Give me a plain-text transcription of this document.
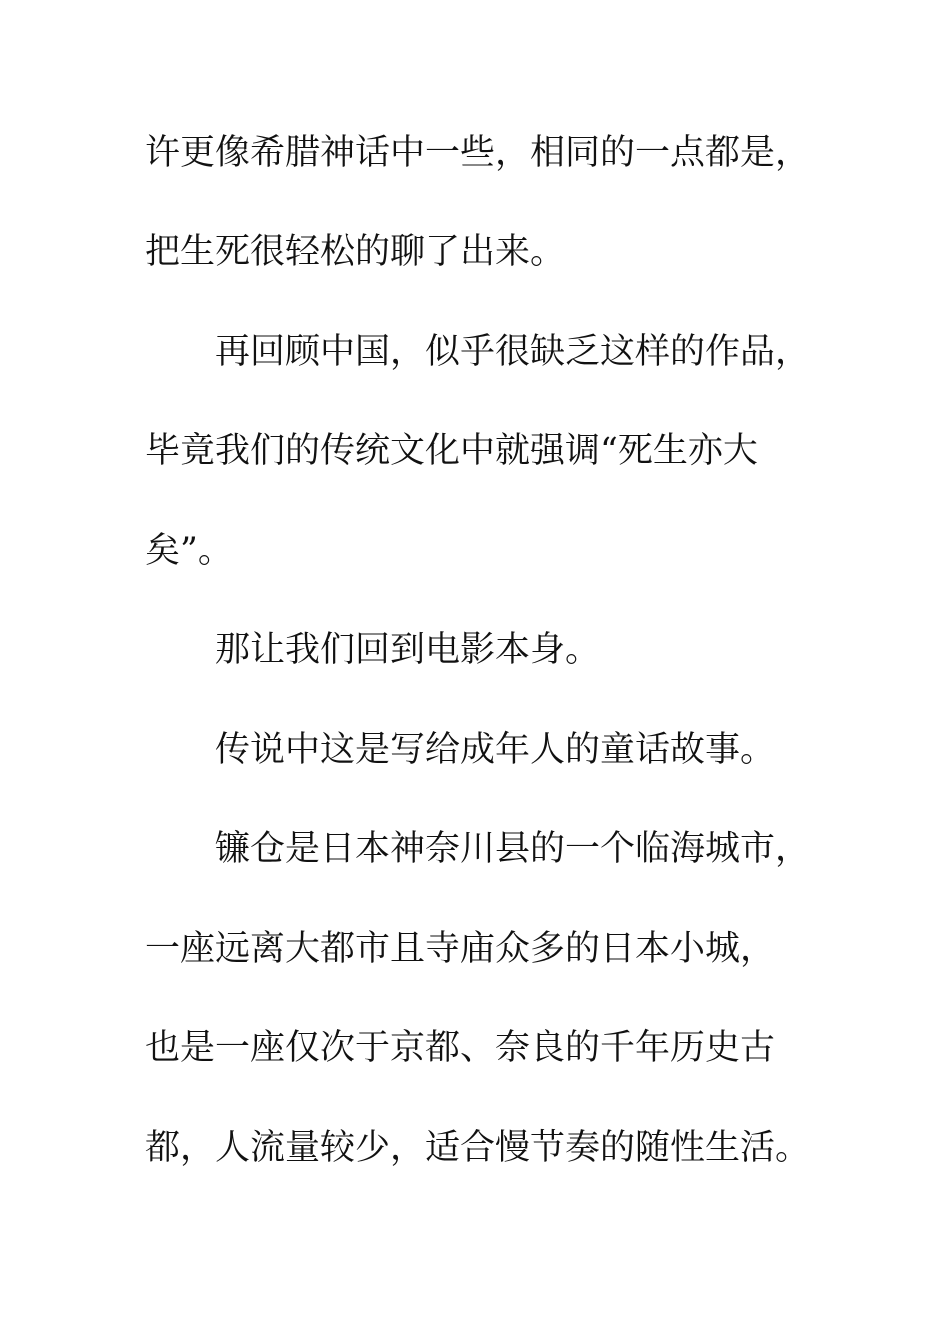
许更像希腊神话中一些，相同的一点都是，
把生死很轻松的聊了出来。
再回顾中国，似乎很缺乏这样的作品，
毕竟我们的传统文化中就强调“死生亦大
矣”。
那让我们回到电影本身。
传说中这是写给成年人的童话故事。
镰仓是日本神奈川县的一个临海城市，
一座远离大都市且寺庙众多的日本小城，
也是一座仅次于京都、奈良的千年历史古
都，人流量较少，适合慢节奏的随性生活。
